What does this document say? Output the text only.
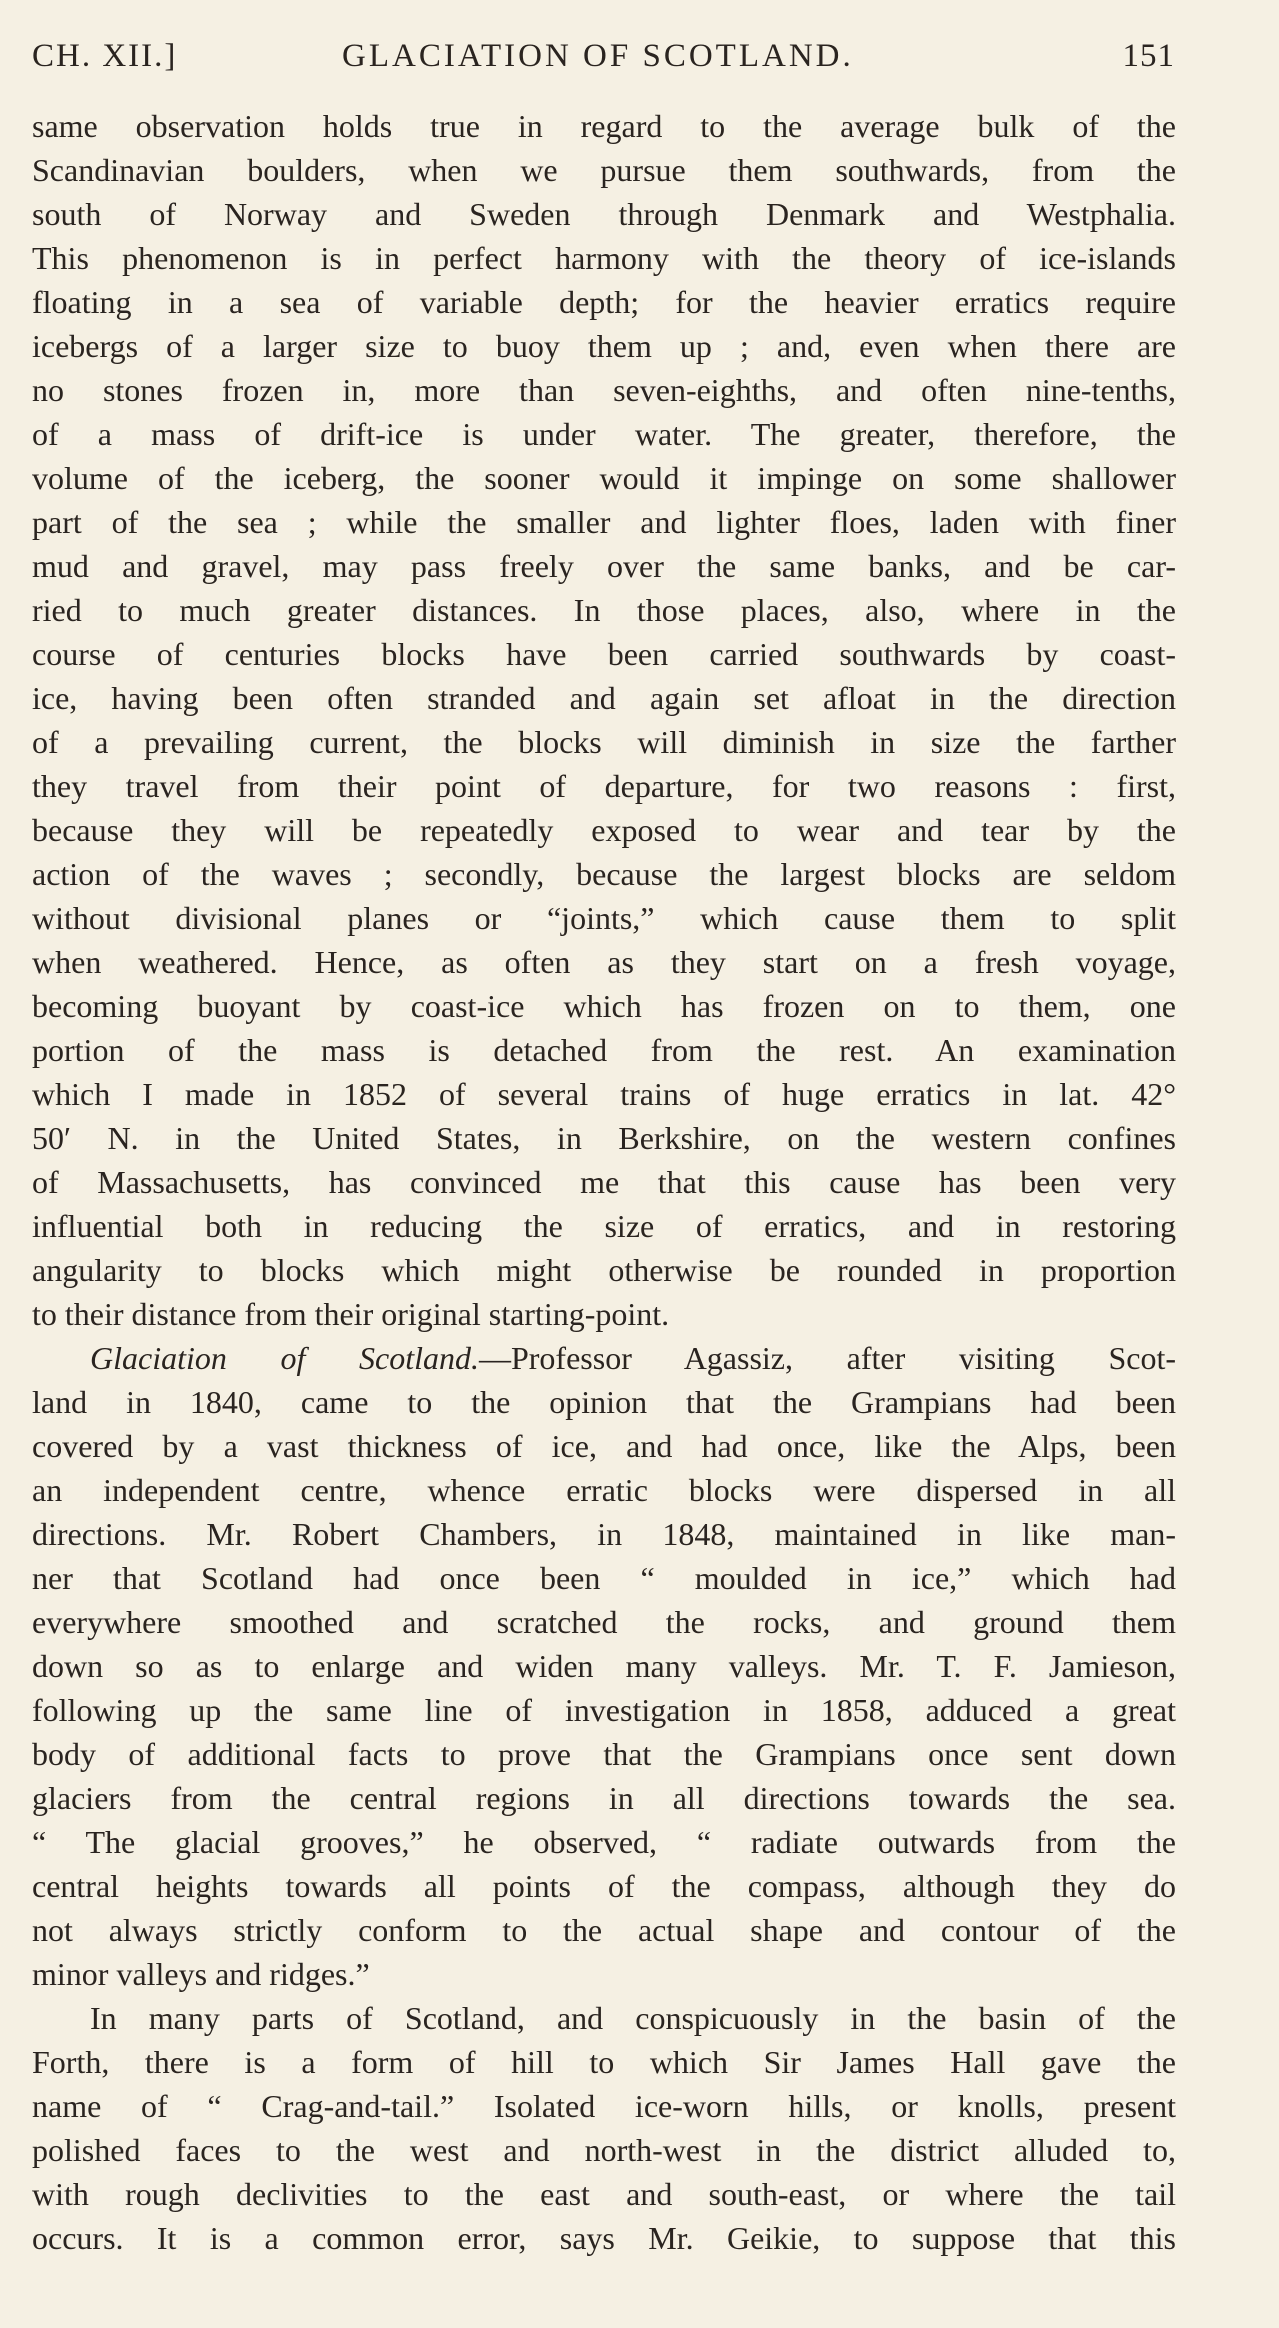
CH. XII.]	GLACIATION OF SCOTLAND.	151
same observation holds true in regard to the average bulk of the
Scandinavian boulders, when we pursue them southwards, from the
south of Norway and Sweden through Denmark and Westphalia.
This phenomenon is in perfect harmony with the theory of ice-islands
floating in a sea of variable depth; for the heavier erratics require
icebergs of a larger size to buoy them up ; and, even when there are
no stones frozen in, more than seven-eighths, and often nine-tenths,
of a mass of drift-ice is under water. The greater, therefore, the
volume of the iceberg, the sooner would it impinge on some shallower
part of the sea ; while the smaller and lighter floes, laden with finer
mud and gravel, may pass freely over the same banks, and be car-
ried to much greater distances. In those places, also, where in the
course of centuries blocks have been carried southwards by coast-
ice, having been often stranded and again set afloat in the direction
of a prevailing current, the blocks will diminish in size the farther
they travel from their point of departure, for two reasons : first,
because they will be repeatedly exposed to wear and tear by the
action of the waves ; secondly, because the largest blocks are seldom
without divisional planes or “joints,” which cause them to split
when weathered. Hence, as often as they start on a fresh voyage,
becoming buoyant by coast-ice which has frozen on to them, one
portion of the mass is detached from the rest. An examination
which I made in 1852 of several trains of huge erratics in lat. 42°
50′ N. in the United States, in Berkshire, on the western confines
of Massachusetts, has convinced me that this cause has been very
influential both in reducing the size of erratics, and in restoring
angularity to blocks which might otherwise be rounded in proportion
to their distance from their original starting-point.
Glaciation of Scotland.—Professor Agassiz, after visiting Scot-
land in 1840, came to the opinion that the Grampians had been
covered by a vast thickness of ice, and had once, like the Alps, been
an independent centre, whence erratic blocks were dispersed in all
directions. Mr. Robert Chambers, in 1848, maintained in like man-
ner that Scotland had once been “ moulded in ice,” which had
everywhere smoothed and scratched the rocks, and ground them
down so as to enlarge and widen many valleys. Mr. T. F. Jamieson,
following up the same line of investigation in 1858, adduced a great
body of additional facts to prove that the Grampians once sent down
glaciers from the central regions in all directions towards the sea.
“ The glacial grooves,” he observed, “ radiate outwards from the
central heights towards all points of the compass, although they do
not always strictly conform to the actual shape and contour of the
minor valleys and ridges.”
In many parts of Scotland, and conspicuously in the basin of the
Forth, there is a form of hill to which Sir James Hall gave the
name of “ Crag-and-tail.” Isolated ice-worn hills, or knolls, present
polished faces to the west and north-west in the district alluded to,
with rough declivities to the east and south-east, or where the tail
occurs. It is a common error, says Mr. Geikie, to suppose that this
